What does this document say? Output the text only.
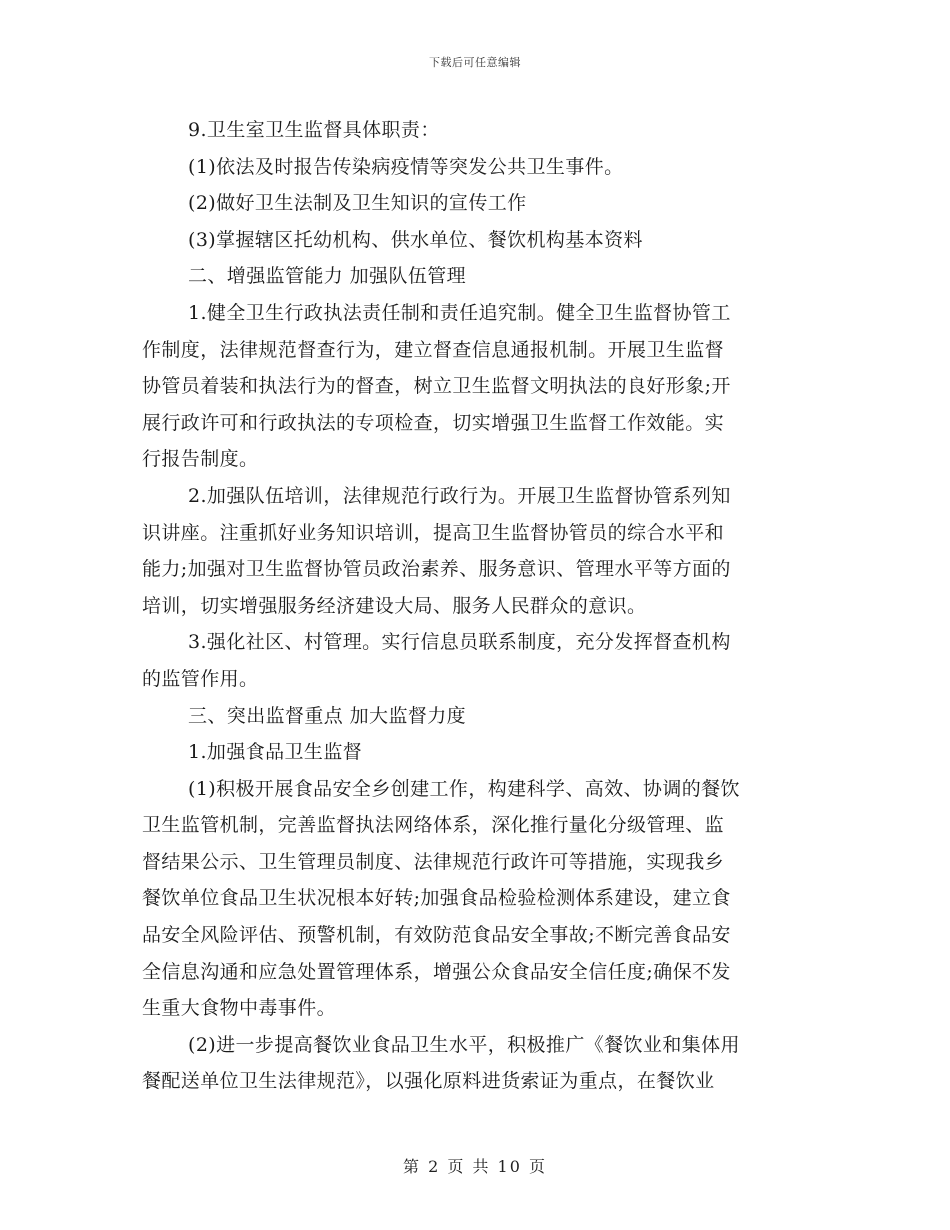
下载后可任意编辑
9.卫生室卫生监督具体职责：
(1)依法及时报告传染病疫情等突发公共卫生事件。
(2)做好卫生法制及卫生知识的宣传工作
(3)掌握辖区托幼机构、供水单位、餐饮机构基本资料
二、增强监管能力 加强队伍管理
1.健全卫生行政执法责任制和责任追究制。健全卫生监督协管工
作制度，法律规范督查行为，建立督查信息通报机制。开展卫生监督
协管员着装和执法行为的督查，树立卫生监督文明执法的良好形象;开
展行政许可和行政执法的专项检查，切实增强卫生监督工作效能。实
行报告制度。
2.加强队伍培训，法律规范行政行为。开展卫生监督协管系列知
识讲座。注重抓好业务知识培训，提高卫生监督协管员的综合水平和
能力;加强对卫生监督协管员政治素养、服务意识、管理水平等方面的
培训，切实增强服务经济建设大局、服务人民群众的意识。
3.强化社区、村管理。实行信息员联系制度，充分发挥督查机构
的监管作用。
三、突出监督重点 加大监督力度
1.加强食品卫生监督
(1)积极开展食品安全乡创建工作，构建科学、高效、协调的餐饮
卫生监管机制，完善监督执法网络体系，深化推行量化分级管理、监
督结果公示、卫生管理员制度、法律规范行政许可等措施，实现我乡
餐饮单位食品卫生状况根本好转;加强食品检验检测体系建设，建立食
品安全风险评估、预警机制，有效防范食品安全事故;不断完善食品安
全信息沟通和应急处置管理体系，增强公众食品安全信任度;确保不发
生重大食物中毒事件。
(2)进一步提高餐饮业食品卫生水平，积极推广《餐饮业和集体用
餐配送单位卫生法律规范》，以强化原料进货索证为重点，在餐饮业
第 2 页 共 10 页
